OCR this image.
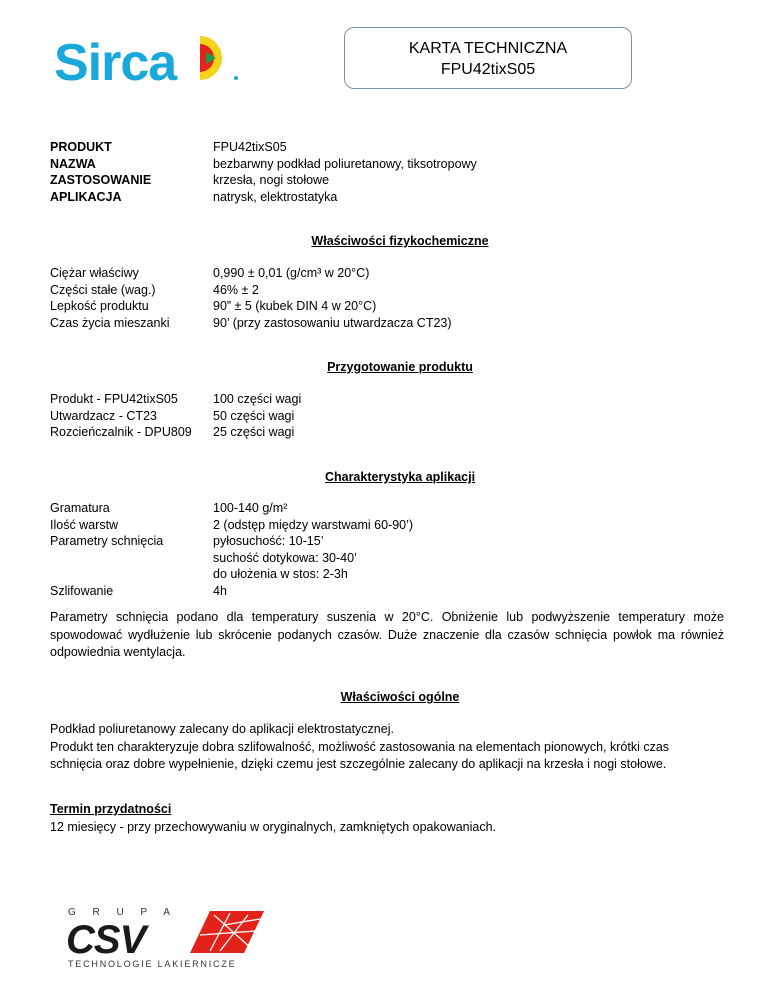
Sirca	KARTA TECHNICZNA
FPU42tixS05
PRODUKT
NAZWA
ZASTOSOWANIE
APLIKACJA
FPU42tixS05
bezbarwny podkład poliuretanowy, tiksotropowy
krzesła, nogi stołowe
natrysk, elektrostatyka
Właściwości fizykochemiczne
Ciężar właściwy
Części stałe (wag.)
Lepkość produktu
Czas życia mieszanki
0,990 ± 0,01 (g/cm³ w 20°C)
46% ± 2
90” ± 5 (kubek DIN 4 w 20°C)
90’ (przy zastosowaniu utwardzacza CT23)
Przygotowanie produktu
Produkt - FPU42tixS05
Utwardzacz - CT23
Rozcieńczalnik - DPU809
100 części wagi
50 części wagi
25 części wagi
Charakterystyka aplikacji
Gramatura
Ilość warstw
Parametry schnięcia

Szlifowanie
100-140 g/m²
2 (odstęp między warstwami 60-90’)
pyłosuchość: 10-15’
suchość dotykowa: 30-40’
do ułożenia w stos: 2-3h
4h
Parametry schnięcia podano dla temperatury suszenia w 20°C. Obniżenie lub podwyższenie temperatury może spowodować wydłużenie lub skrócenie podanych czasów. Duże znaczenie dla czasów schnięcia powłok ma również odpowiednia wentylacja.
Właściwości ogólne
Podkład poliuretanowy zalecany do aplikacji elektrostatycznej.
Produkt ten charakteryzuje dobra szlifowalność, możliwość zastosowania na elementach pionowych, krótki czas schnięcia oraz dobre wypełnienie, dzięki czemu jest szczególnie zalecany do aplikacji na krzesła i nogi stołowe.
Termin przydatności
12 miesięcy - przy przechowywaniu w oryginalnych, zamkniętych opakowaniach.
G R U P A
CSV
TECHNOLOGIE LAKIERNICZE
